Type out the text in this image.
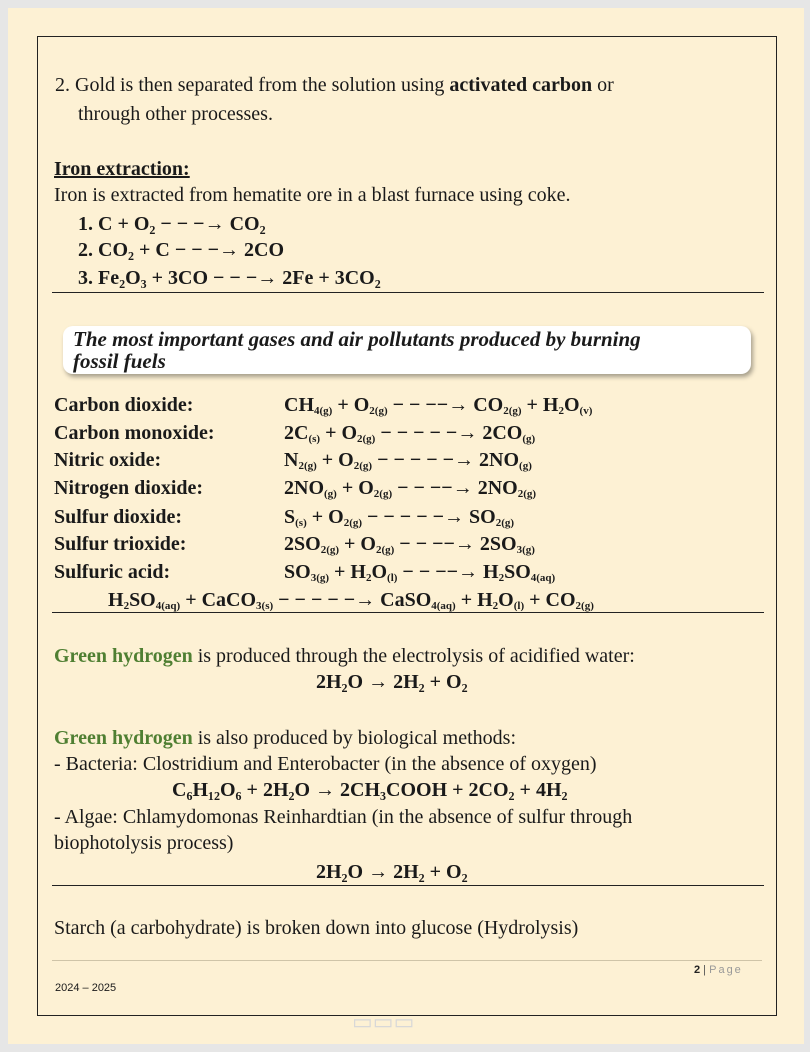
2. Gold is then separated from the solution using activated carbon or
through other processes.
Iron extraction:
Iron is extracted from hematite ore in a blast furnace using coke.
1. C + O₂ − − −→ CO₂
2. CO₂ + C − − −→ 2CO
3. Fe₂O₃ + 3CO − − −→ 2Fe + 3CO₂
The most important gases and air pollutants produced by burning
fossil fuels
Carbon dioxide:	$CH_{4(g)} + O_{2(g)}$ − − −−→ $CO_{2(g)} + H_2O_{(v)}$
Carbon monoxide:	$2C_{(s)} + O_{2(g)}$ − − − − −→ $2CO_{(g)}$
Nitric oxide:	$N_{2(g)} + O_{2(g)}$ − − − − −→ $2NO_{(g)}$
Nitrogen dioxide:	$2NO_{(g)} + O_{2(g)}$ − − −−→ $2NO_{2(g)}$
Sulfur dioxide:	$S_{(s)} + O_{2(g)}$ − − − − −→ $SO_{2(g)}$
Sulfur trioxide:	$2SO_{2(g)} + O_{2(g)}$ − − −−→ $2SO_{3(g)}$
Sulfuric acid:	$SO_{3(g)} + H_2O_{(l)}$ − − −−→ $H_2SO_{4(aq)}$
$H_2SO_{4(aq)}$ + CaCO$_{3(s)}$ − − − − −→ CaSO$_{4(aq)}$ + $H_2O_{(l)} + CO_{2(g)}$
Green hydrogen is produced through the electrolysis of acidified water:
2H₂O → 2H₂ + O₂
Green hydrogen is also produced by biological methods:
- Bacteria: Clostridium and Enterobacter (in the absence of oxygen)
C₆H₁₂O₆ + 2H₂O → 2CH₃COOH + 2CO₂ + 4H₂
- Algae: Chlamydomonas Reinhardtian (in the absence of sulfur through
biophotolysis process)
2H₂O → 2H₂ + O₂
Starch (a carbohydrate) is broken down into glucose (Hydrolysis)
2 | Page
2024 – 2025
▭▭▭
